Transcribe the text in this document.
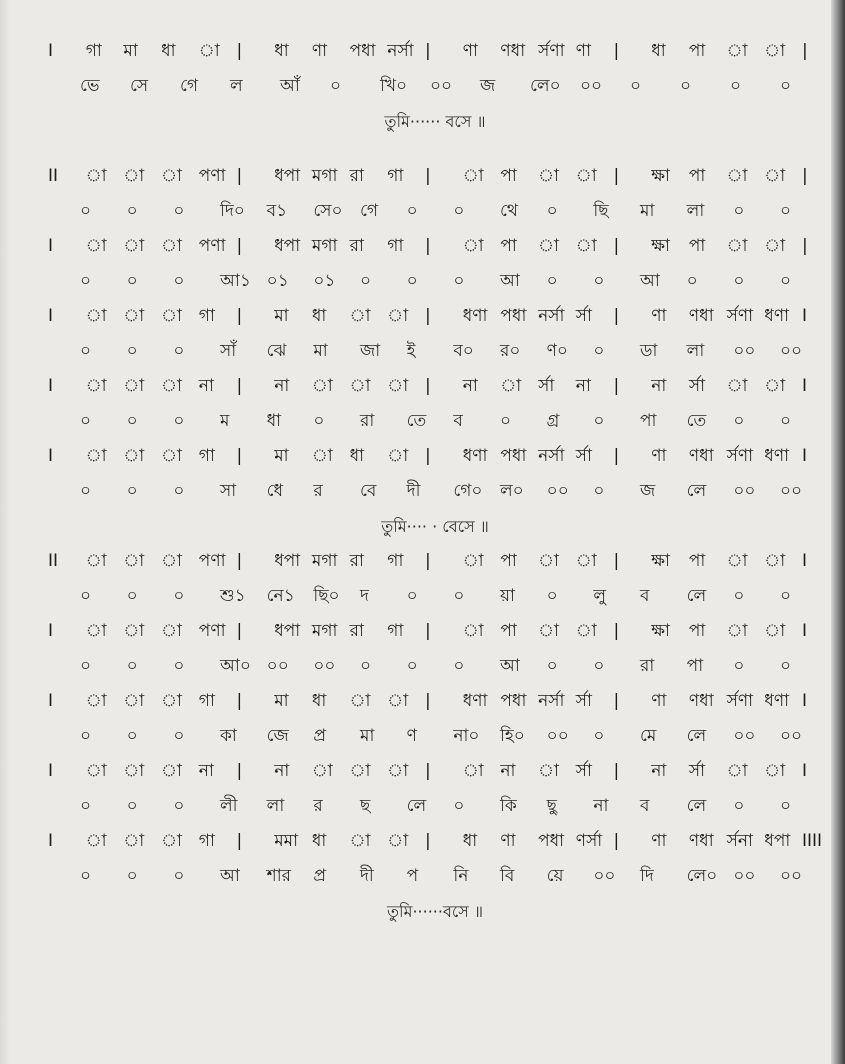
I গা মা ধা া | ধা ণা পধা নর্সা | ণা ণধা র্সণা ণা | ধা পা া া |
ভে সে গে ল আঁ ০ খি০ ০০ জ লে০ ০০ ০ ০ ০ ০
তুমি······ বসে ॥
II া া া পণা | ধপা মগা রা গা | া পা া া | ক্ষা পা া া |
০ ০ ০ দি০ ব১ সে০ গে ০ ০ থে ০ ছি মা লা ০ ০
I া া া পণা | ধপা মগা রা গা | া পা া া | ক্ষা পা া া |
০ ০ ০ আ১ ০১ ০১ ০ ০ ০ আ ০ ০ আ ০ ০ ০
I া া া গা | মা ধা া া | ধণা পধা নর্সা র্সা | ণা ণধা র্সণা ধণা I
০ ০ ০ সাঁ ঝে মা জা ই ব০ র০ ণ০ ০ ডা লা ০০ ০০
I া া া না | না া া া | না া র্সা না | না র্সা া া I
০ ০ ০ ম ধা ০ রা তে ব ০ গ্র ০ পা তে ০ ০
I া া া গা | মা া ধা া | ধণা পধা নর্সা র্সা | ণা ণধা র্সণা ধণা I
০ ০ ০ সা ধে র বে দী গে০ ল০ ০০ ০ জ লে ০০ ০০
তুমি···· · বেসে ॥
II া া া পণা | ধপা মগা রা গা | া পা া া | ক্ষা পা া া I
০ ০ ০ শু১ নে১ ছি০ দ ০ ০ য়া ০ লু ব লে ০ ০
I া া া পণা | ধপা মগা রা গা | া পা া া | ক্ষা পা া া I
০ ০ ০ আ০ ০০ ০০ ০ ০ ০ আ ০ ০ রা পা ০ ০
I া া া গা | মা ধা া া | ধণা পধা নর্সা র্সা | ণা ণধা র্সণা ধণা I
০ ০ ০ কা জে প্র মা ণ না০ হি০ ০০ ০ মে লে ০০ ০০
I া া া না | না া া া | া না া র্সা | না র্সা া া I
০ ০ ০ লী লা র ছ লে ০ কি ছু না ব লে ০ ০
I া া া গা | মমা ধা া া | ধা ণা পধা ণর্সা | ণা ণধা র্সনা ধপা IIII
০ ০ ০ আ শার প্র দী প নি বি য়ে ০০ দি লে০ ০০ ০০
তুমি······বসে ॥
